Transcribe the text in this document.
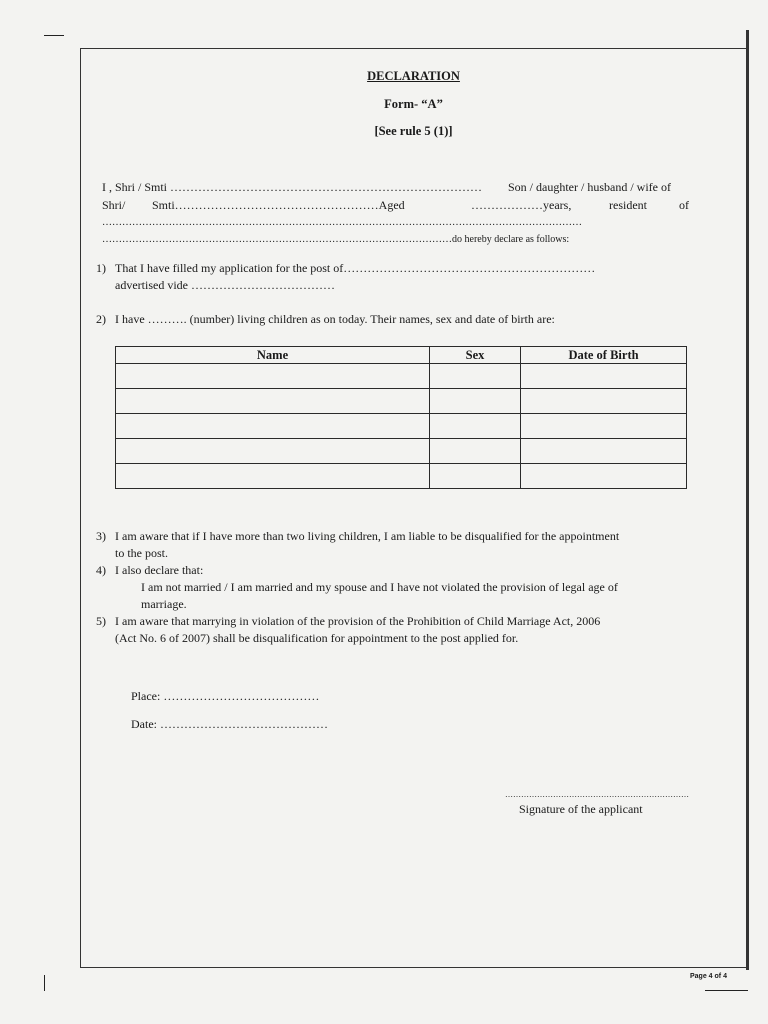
DECLARATION
Form- “A”
[See rule 5 (1)]
I , Shri / Smti …………………………………………………………………… Son / daughter / husband / wife of
Shri/ Smti……………………………………………Aged	………………years,	resident	of
………………………………………………………………………………………………………………………………
……………………………………………………………………………………………do hereby declare as follows:
1) That I have filled my application for the post of………………………………………………………
advertised vide ………………………………
2) I have ………. (number) living children as on today. Their names, sex and date of birth are:
Name	Sex	Date of Birth

3) I am aware that if I have more than two living children, I am liable to be disqualified for the appointment
to the post.
4) I also declare that:
I am not married / I am married and my spouse and I have not violated the provision of legal age of
marriage.
5) I am aware that marrying in violation of the provision of the Prohibition of Child Marriage Act, 2006
(Act No. 6 of 2007) shall be disqualification for appointment to the post applied for.
Place: …………………………………
Date: ……………………………………
……………………………………………………………
Signature of the applicant
Page 4 of 4
